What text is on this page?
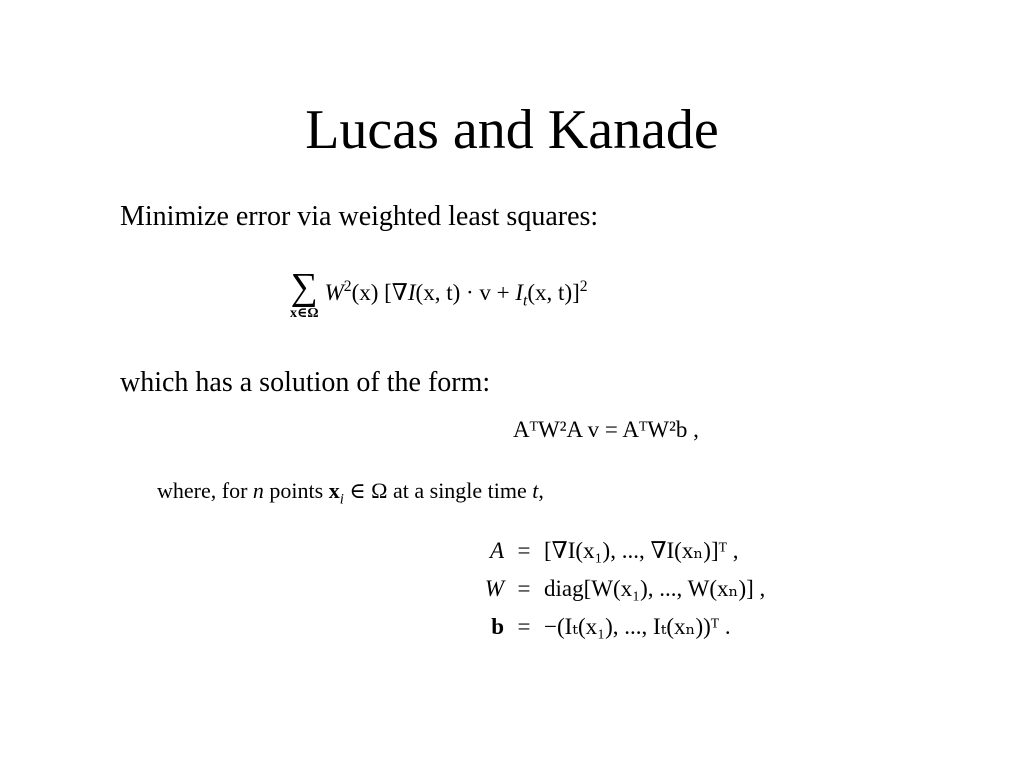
Lucas and Kanade
Minimize error via weighted least squares:
∑
x∈Ω
$W^2(x)$ [∇I(x, $t) \cdot v + I_t(x$, t)]$^2$
which has a solution of the form:
AᵀW²A v = AᵀW²b ,
where, for n points $x_i$ ∈ Ω at a single time t,
A = [∇I(x₁), ..., ∇I(xₙ)]ᵀ ,
W = diag[W(x₁), ..., W(xₙ)] ,
b = −(Iₜ(x₁), ..., Iₜ(xₙ))ᵀ .
